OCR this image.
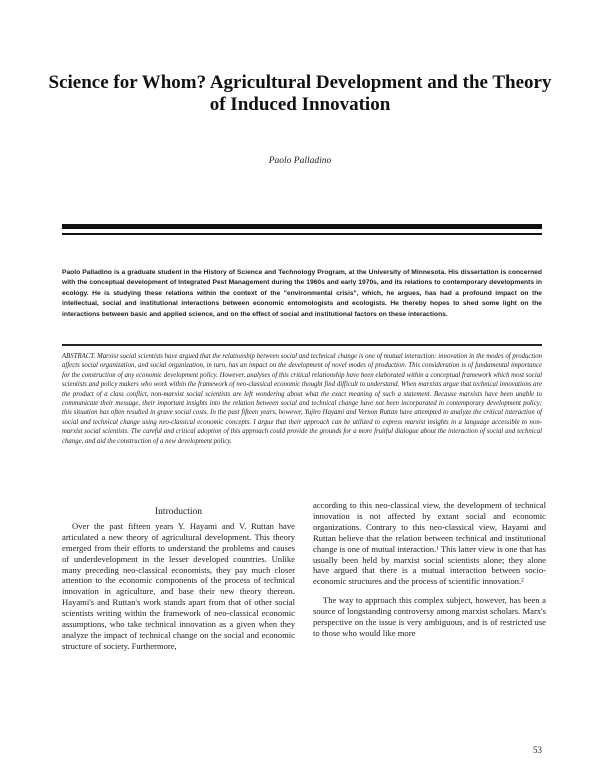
Science for Whom? Agricultural Development and the Theory of Induced Innovation
Paolo Palladino
Paolo Palladino is a graduate student in the History of Science and Technology Program, at the University of Minnesota. His dissertation is concerned with the conceptual development of Integrated Pest Management during the 1960s and early 1970s, and its relations to contemporary developments in ecology. He is studying these relations within the context of the "environmental crisis", which, he argues, has had a profound impact on the intellectual, social and institutional interactions between economic entomologists and ecologists. He thereby hopes to shed some light on the interactions between basic and applied science, and on the effect of social and institutional factors on these interactions.
ABSTRACT. Marxist social scientists have argued that the relationship between social and technical change is one of mutual interaction: innovation in the modes of production affects social organization, and social organization, in turn, has an impact on the development of novel modes of production. This consideration is of fundamental importance for the construction of any economic development policy. However, analyses of this critical relationship have been elaborated within a conceptual framework which most social scientists and policy makers who work within the framework of neo-classical economic thought find difficult to understand. When marxists argue that technical innovations are the product of a class conflict, non-marxist social scientists are left wondering about what the exact meaning of such a statement. Because marxists have been unable to communicate their message, their important insights into the relation between social and technical change have not been incorporated in contemporary development policy; this situation has often resulted in grave social costs. In the past fifteen years, however, Yujiro Hayami and Vernon Ruttan have attempted to analyze the critical interaction of social and technical change using neo-classical economic concepts. I argue that their approach can be utilized to express marxist insights in a language accessible to non-marxist social scientists. The careful and critical adoption of this approach could provide the grounds for a more fruitful dialogue about the interaction of social and technical change, and aid the construction of a new development policy.
Introduction

Over the past fifteen years Y. Hayami and V. Ruttan have articulated a new theory of agricultural development. This theory emerged from their efforts to understand the problems and causes of underdevelopment in the lesser developed countries. Unlike many preceding neo-classical economists, they pay much closer attention to the economic components of the process of technical innovation in agriculture, and base their new theory thereon. Hayami's and Ruttan's work stands apart from that of other social scientists writing within the framework of neo-classical economic assumptions, who take technical innovation as a given when they analyze the impact of technical change on the social and economic structure of society. Furthermore,

according to this neo-classical view, the development of technical innovation is not affected by extant social and economic organizations. Contrary to this neo-classical view, Hayami and Ruttan believe that the relation between technical and institutional change is one of mutual interaction.¹ This latter view is one that has usually been held by marxist social scientists alone; they alone have argued that there is a mutual interaction between socio-economic structures and the process of scientific innovation.²

The way to approach this complex subject, however, has been a source of longstanding controversy among marxist scholars. Marx's perspective on the issue is very ambiguous, and is of restricted use to those who would like more

53
